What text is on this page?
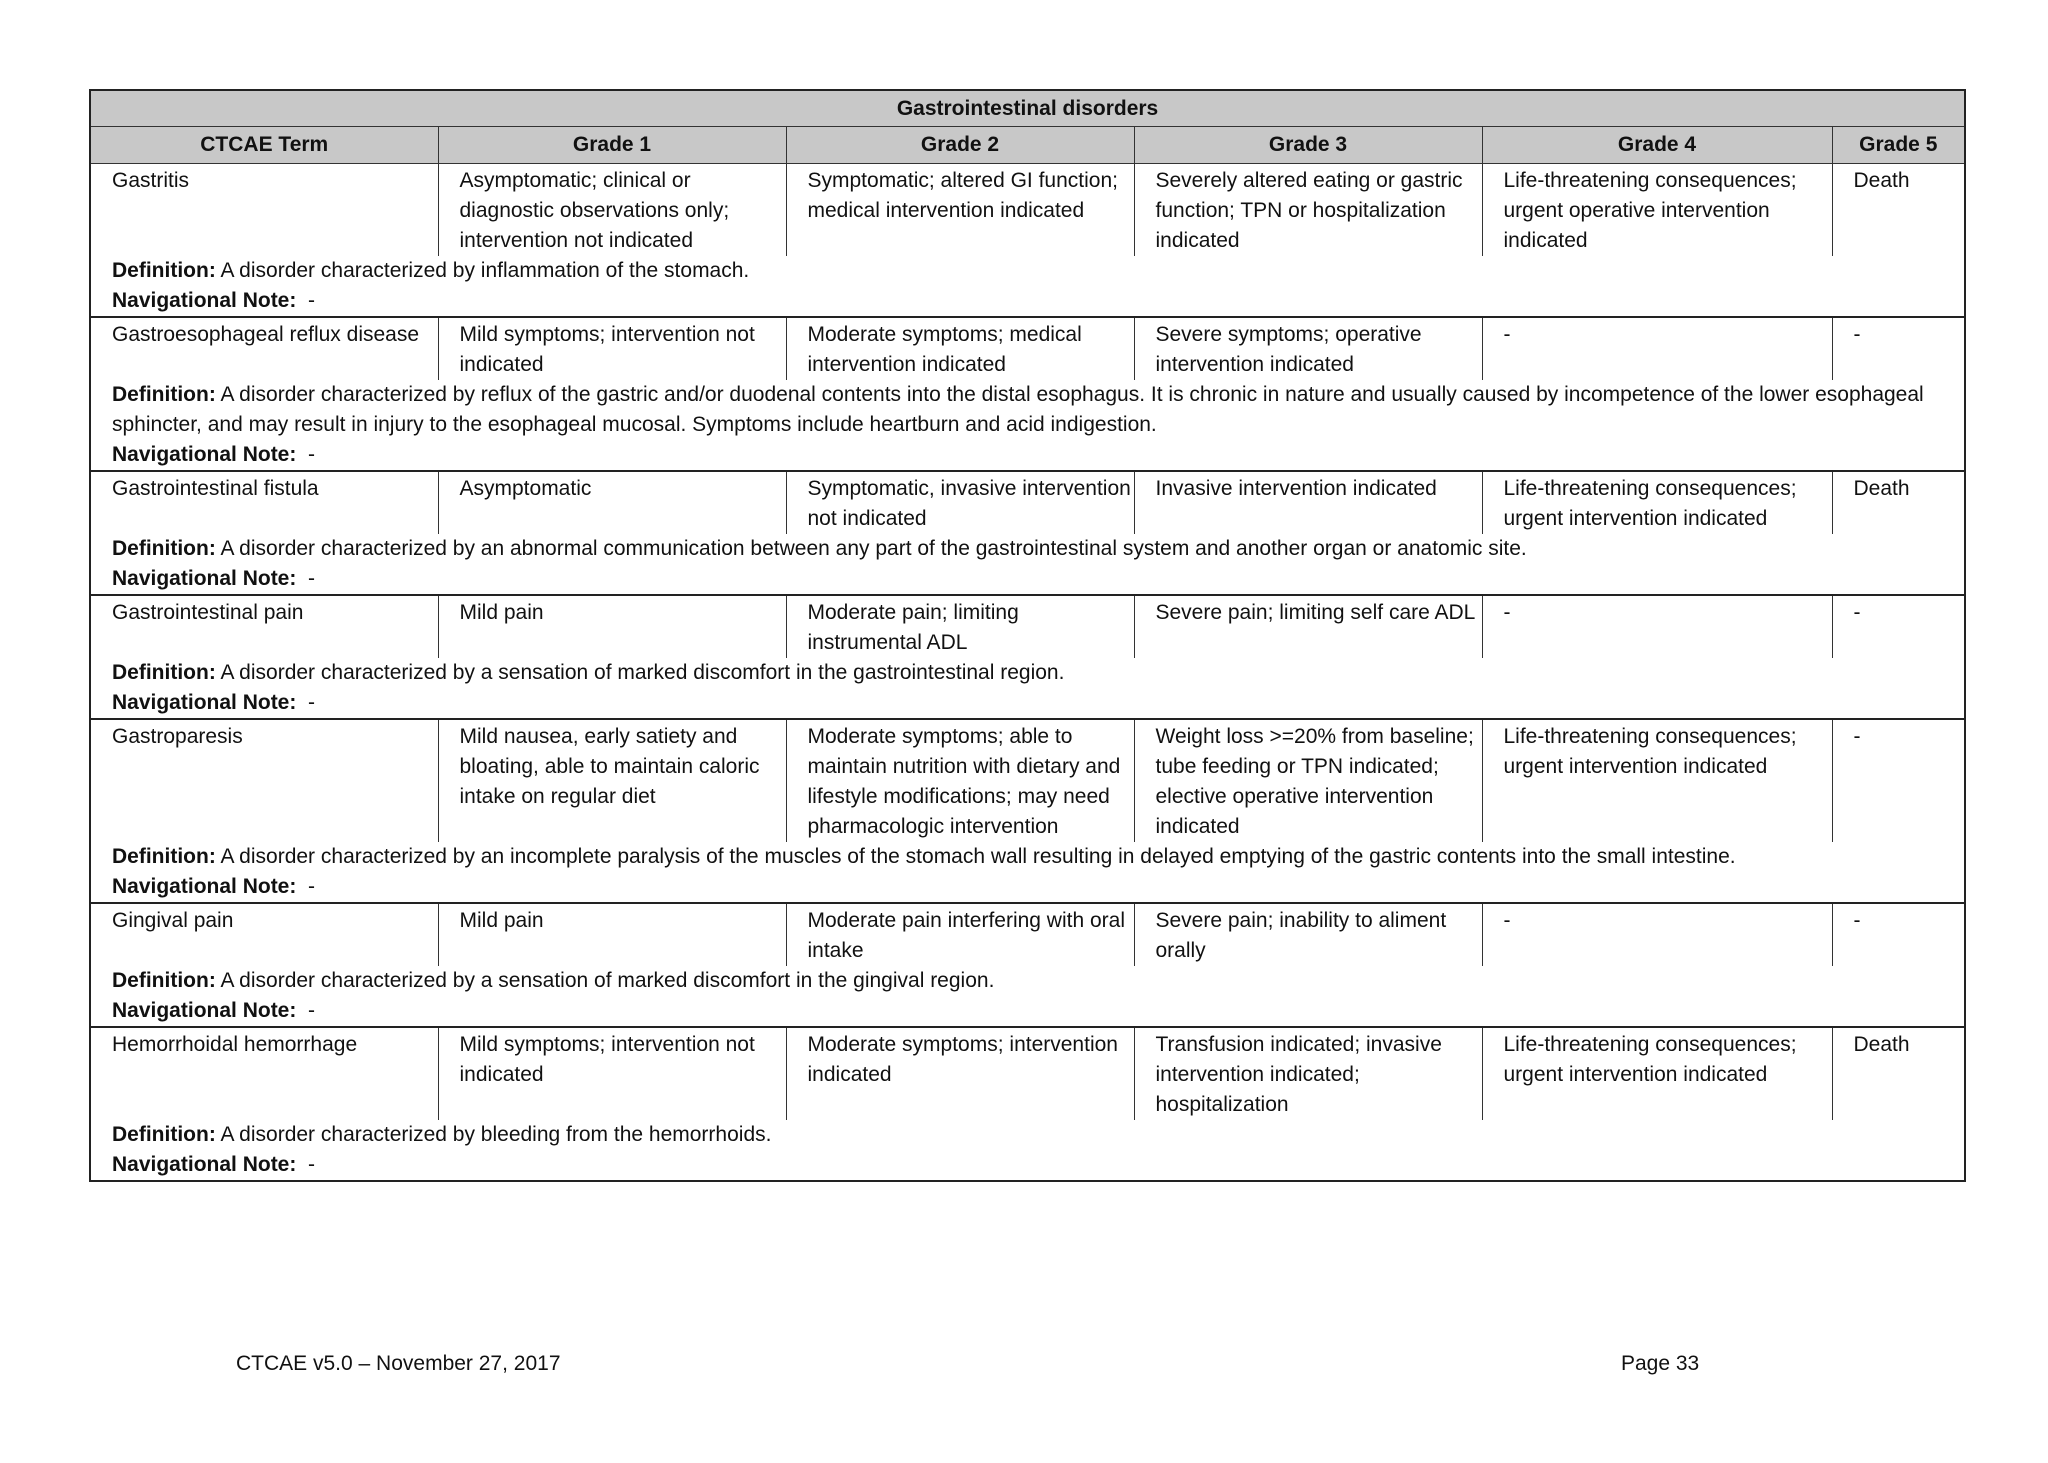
Gastrointestinal disorders					
CTCAE Term	Grade 1	Grade 2	Grade 3	Grade 4	Grade 5
Gastritis	Asymptomatic; clinical or diagnostic observations only; intervention not indicated	Symptomatic; altered GI function; medical intervention indicated	Severely altered eating or gastric function; TPN or hospitalization indicated	Life-threatening consequences; urgent operative intervention indicated	Death
Definition: A disorder characterized by inflammation of the stomach.					
Navigational Note: -					
Gastroesophageal reflux disease	Mild symptoms; intervention not indicated	Moderate symptoms; medical intervention indicated	Severe symptoms; operative intervention indicated	-	-
Definition: A disorder characterized by reflux of the gastric and/or duodenal contents into the distal esophagus. It is chronic in nature and usually caused by incompetence of the lower esophageal sphincter, and may result in injury to the esophageal mucosal. Symptoms include heartburn and acid indigestion.					
Navigational Note: -					
Gastrointestinal fistula	Asymptomatic	Symptomatic, invasive intervention not indicated	Invasive intervention indicated	Life-threatening consequences; urgent intervention indicated	Death
Definition: A disorder characterized by an abnormal communication between any part of the gastrointestinal system and another organ or anatomic site.					
Navigational Note: -					
Gastrointestinal pain	Mild pain	Moderate pain; limiting instrumental ADL	Severe pain; limiting self care ADL	-	-
Definition: A disorder characterized by a sensation of marked discomfort in the gastrointestinal region.					
Navigational Note: -					
Gastroparesis	Mild nausea, early satiety and bloating, able to maintain caloric intake on regular diet	Moderate symptoms; able to maintain nutrition with dietary and lifestyle modifications; may need pharmacologic intervention	Weight loss >=20% from baseline; tube feeding or TPN indicated; elective operative intervention indicated	Life-threatening consequences; urgent intervention indicated	-
Definition: A disorder characterized by an incomplete paralysis of the muscles of the stomach wall resulting in delayed emptying of the gastric contents into the small intestine.					
Navigational Note: -					
Gingival pain	Mild pain	Moderate pain interfering with oral intake	Severe pain; inability to aliment orally	-	-
Definition: A disorder characterized by a sensation of marked discomfort in the gingival region.					
Navigational Note: -					
Hemorrhoidal hemorrhage	Mild symptoms; intervention not indicated	Moderate symptoms; intervention indicated	Transfusion indicated; invasive intervention indicated; hospitalization	Life-threatening consequences; urgent intervention indicated	Death
Definition: A disorder characterized by bleeding from the hemorrhoids.					
Navigational Note: -					
CTCAE v5.0 – November 27, 2017	Page 33
